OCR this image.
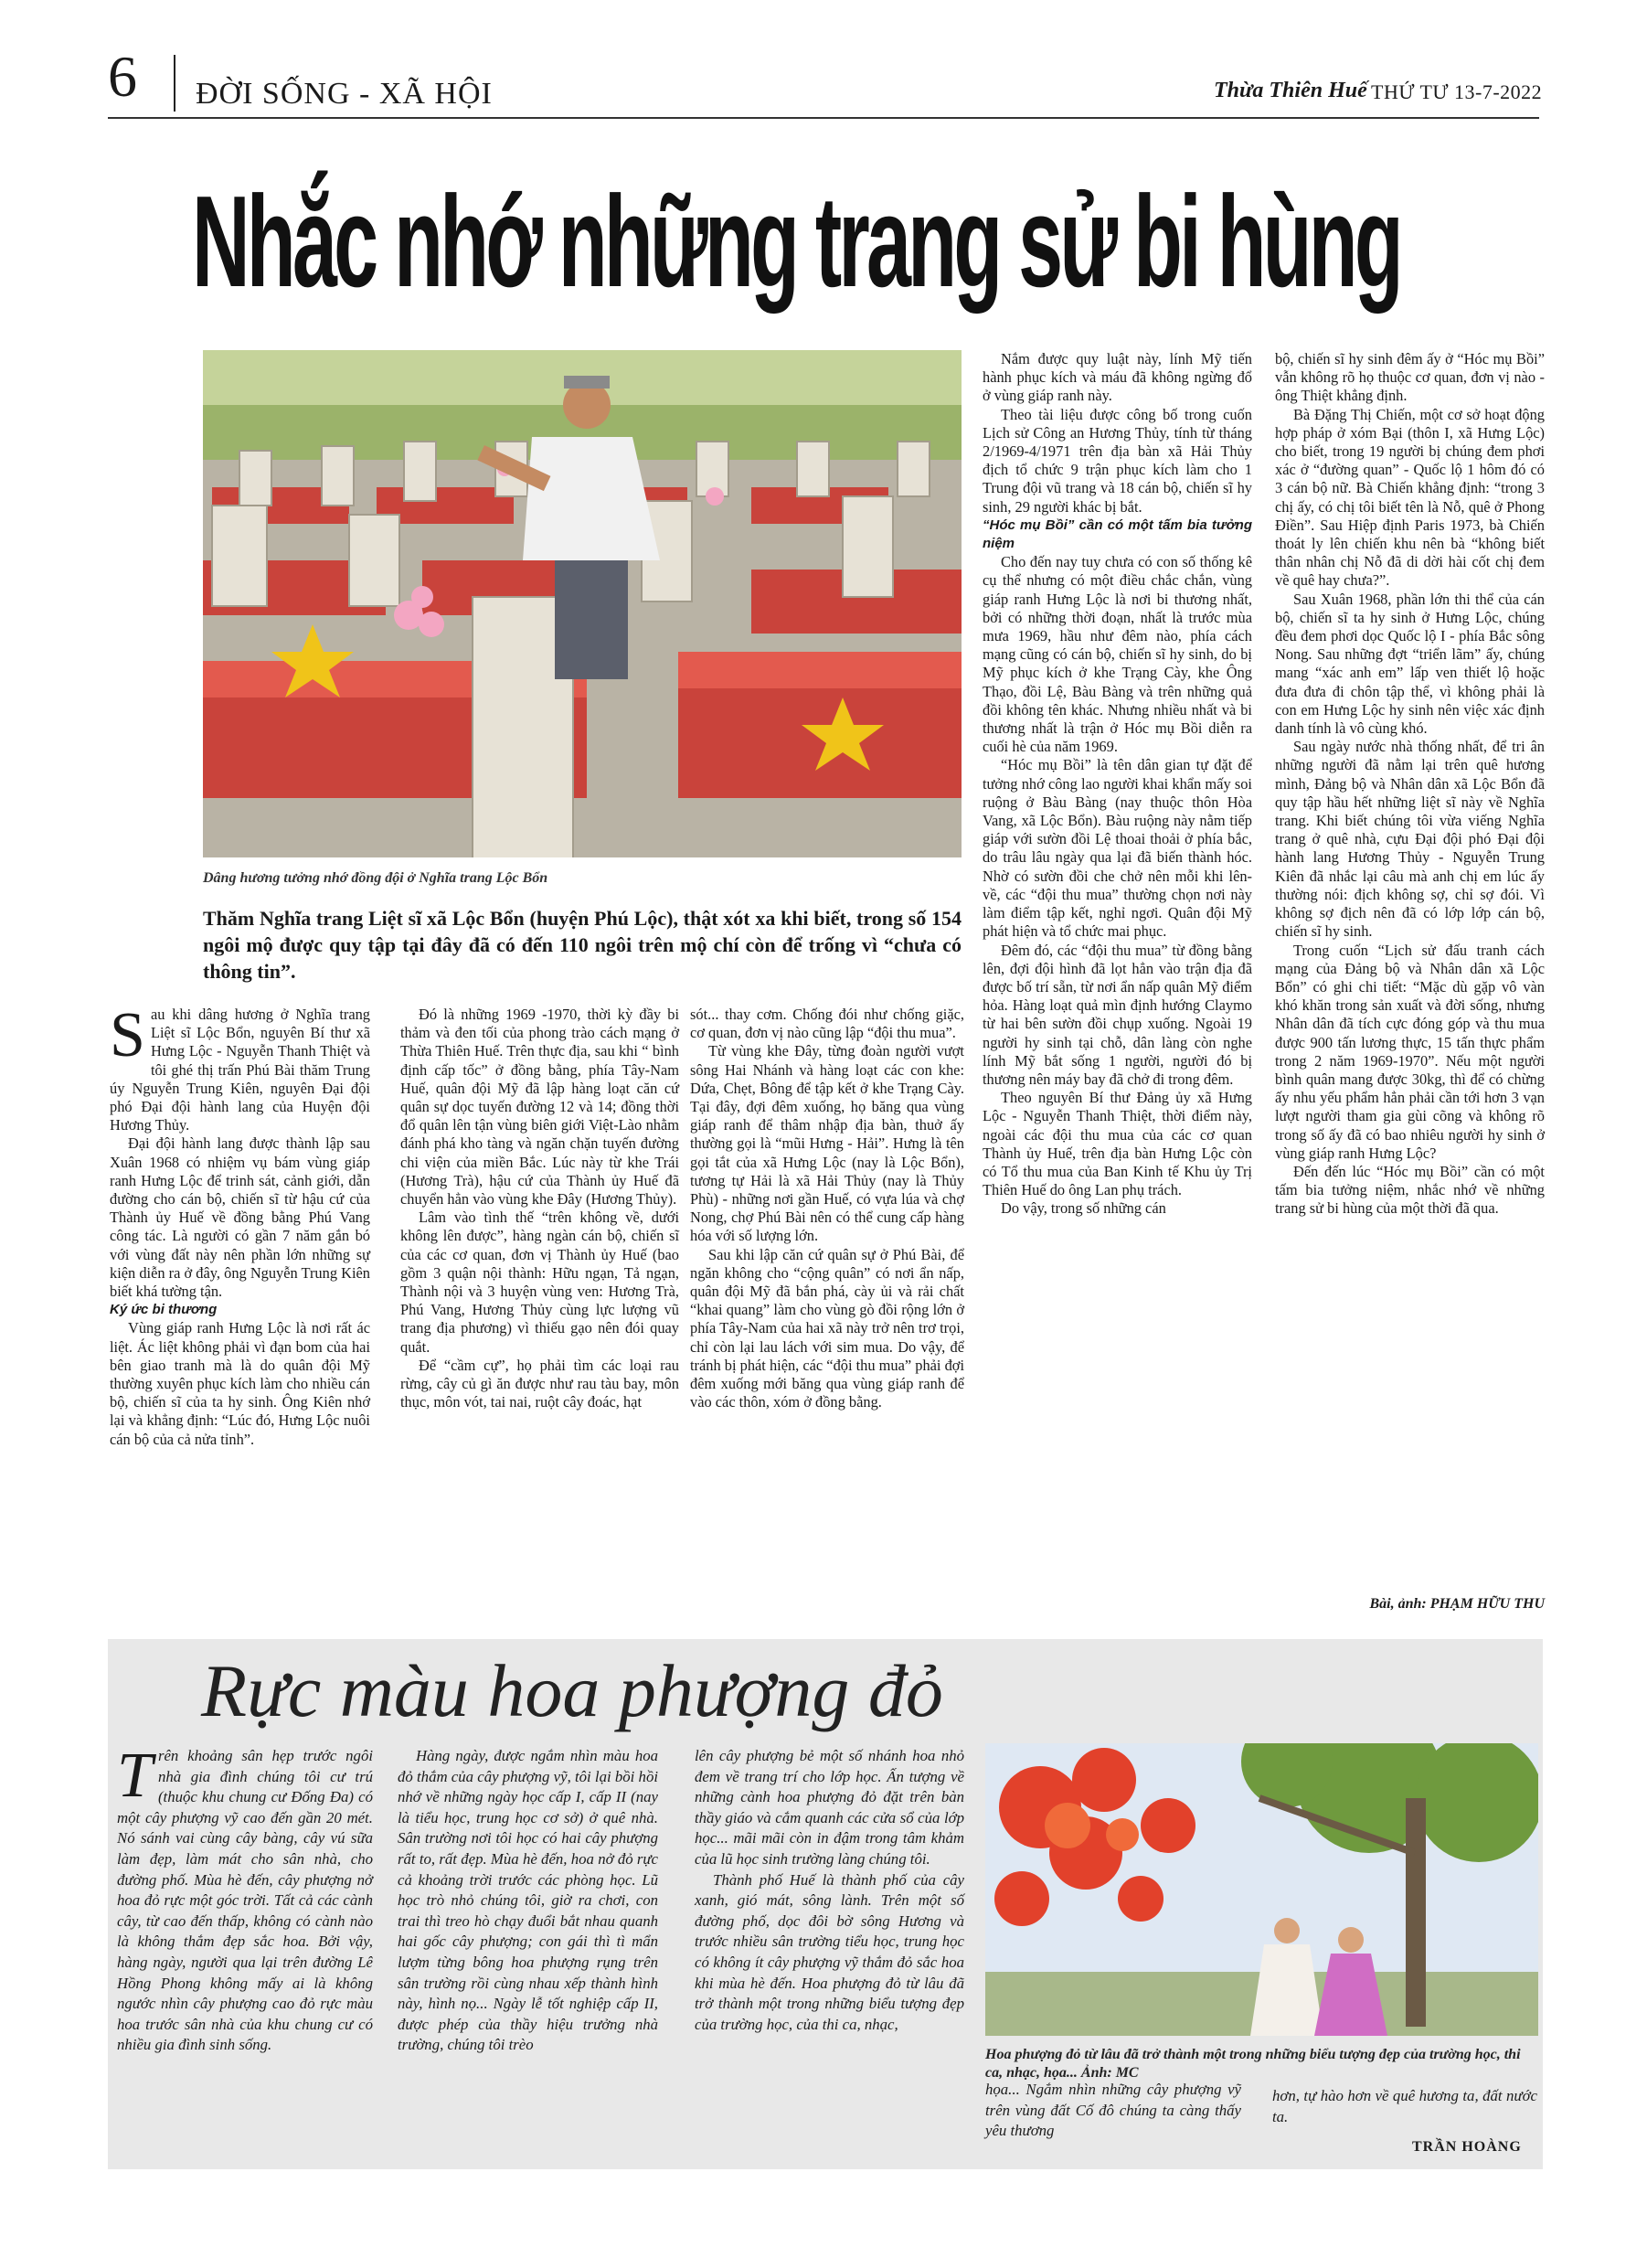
6 ĐỜI SỐNG - XÃ HỘI	Thừa Thiên Huế THỨ TƯ 13-7-2022
Nhắc nhớ những trang sử bi hùng
Dâng hương tưởng nhớ đồng đội ở Nghĩa trang Lộc Bổn
Thăm Nghĩa trang Liệt sĩ xã Lộc Bổn (huyện Phú Lộc), thật xót xa khi biết, trong số 154 ngôi mộ được quy tập tại đây đã có đến 110 ngôi trên mộ chí còn để trống vì “chưa có thông tin”.
S au khi dâng hương ở Nghĩa trang Liệt sĩ Lộc Bổn, nguyên Bí thư xã Hưng Lộc - Nguyễn Thanh Thiệt và tôi ghé thị trấn Phú Bài thăm Trung úy Nguyễn Trung Kiên, nguyên Đại đội phó Đại đội hành lang của Huyện đội Hương Thủy.

Đại đội hành lang được thành lập sau Xuân 1968 có nhiệm vụ bám vùng giáp ranh Hưng Lộc để trinh sát, cảnh giới, dẫn đường cho cán bộ, chiến sĩ từ hậu cứ của Thành ủy Huế về đồng bằng Phú Vang công tác. Là người có gần 7 năm gắn bó với vùng đất này nên phần lớn những sự kiện diễn ra ở đây, ông Nguyễn Trung Kiên biết khá tường tận.

Ký ức bi thương

Vùng giáp ranh Hưng Lộc là nơi rất ác liệt. Ác liệt không phải vì đạn bom của hai bên giao tranh mà là do quân đội Mỹ thường xuyên phục kích làm cho nhiều cán bộ, chiến sĩ của ta hy sinh. Ông Kiên nhớ lại và khẳng định: “Lúc đó, Hưng Lộc nuôi cán bộ của cả nửa tỉnh”.

Đó là những 1969 -1970, thời kỳ đầy bi thảm và đen tối của phong trào cách mạng ở Thừa Thiên Huế. Trên thực địa, sau khi “ bình định cấp tốc” ở đồng bằng, phía Tây-Nam Huế, quân đội Mỹ đã lập hàng loạt căn cứ quân sự dọc tuyến đường 12 và 14; đồng thời đổ quân lên tận vùng biên giới Việt-Lào nhằm đánh phá kho tàng và ngăn chặn tuyến đường chi viện của miền Bắc. Lúc này từ khe Trái (Hương Trà), hậu cứ của Thành ủy Huế đã chuyển hẳn vào vùng khe Đây (Hương Thủy).

Lâm vào tình thế “trên không về, dưới không lên được”, hàng ngàn cán bộ, chiến sĩ của các cơ quan, đơn vị Thành ủy Huế (bao gồm 3 quận nội thành: Hữu ngạn, Tả ngạn, Thành nội và 3 huyện vùng ven: Hương Trà, Phú Vang, Hương Thủy cùng lực lượng vũ trang địa phương) vì thiếu gạo nên đói quay quắt.

Để “cầm cự”, họ phải tìm các loại rau rừng, cây củ gì ăn được như rau tàu bay, môn thục, môn vót, tai nai, ruột cây đoác, hạt

sót... thay cơm. Chống đói như chống giặc, cơ quan, đơn vị nào cũng lập “đội thu mua”.

Từ vùng khe Đây, từng đoàn người vượt sông Hai Nhánh và hàng loạt các con khe: Dứa, Chẹt, Bông để tập kết ở khe Trạng Cày. Tại đây, đợi đêm xuống, họ băng qua vùng giáp ranh để thâm nhập địa bàn, thuở ấy thường gọi là “mũi Hưng - Hải”. Hưng là tên gọi tắt của xã Hưng Lộc (nay là Lộc Bổn), tương tự Hải là xã Hải Thủy (nay là Thủy Phù) - những nơi gần Huế, có vựa lúa và chợ Nong, chợ Phú Bài nên có thể cung cấp hàng hóa với số lượng lớn.

Sau khi lập căn cứ quân sự ở Phú Bài, để ngăn không cho “cộng quân” có nơi ẩn nấp, quân đội Mỹ đã bắn phá, cày ủi và rải chất “khai quang” làm cho vùng gò đồi rộng lớn ở phía Tây-Nam của hai xã này trở nên trơ trọi, chỉ còn lại lau lách với sim mua. Do vậy, để tránh bị phát hiện, các “đội thu mua” phải đợi đêm xuống mới băng qua vùng giáp ranh để vào các thôn, xóm ở đồng bằng.

Nắm được quy luật này, lính Mỹ tiến hành phục kích và máu đã không ngừng đổ ở vùng giáp ranh này.

Theo tài liệu được công bố trong cuốn Lịch sử Công an Hương Thủy, tính từ tháng 2/1969-4/1971 trên địa bàn xã Hải Thủy địch tổ chức 9 trận phục kích làm cho 1 Trung đội vũ trang và 18 cán bộ, chiến sĩ hy sinh, 29 người khác bị bắt.

“Hóc mụ Bồi” cần có một tấm bia tưởng niệm

Cho đến nay tuy chưa có con số thống kê cụ thể nhưng có một điều chắc chắn, vùng giáp ranh Hưng Lộc là nơi bi thương nhất, bởi có những thời đoạn, nhất là trước mùa mưa 1969, hầu như đêm nào, phía cách mạng cũng có cán bộ, chiến sĩ hy sinh, do bị Mỹ phục kích ở khe Trạng Cày, khe Ông Thạo, đồi Lệ, Bàu Bàng và trên những quả đồi không tên khác. Nhưng nhiều nhất và bi thương nhất là trận ở Hóc mụ Bồi diễn ra cuối hè của năm 1969.

“Hóc mụ Bồi” là tên dân gian tự đặt để tưởng nhớ công lao người khai khẩn mấy soi ruộng ở Bàu Bàng (nay thuộc thôn Hòa Vang, xã Lộc Bổn). Bàu ruộng này nằm tiếp giáp với sườn đồi Lệ thoai thoải ở phía bắc, do trâu lâu ngày qua lại đã biến thành hóc. Nhờ có sườn đồi che chở nên mỗi khi lên-về, các “đội thu mua” thường chọn nơi này làm điểm tập kết, nghỉ ngơi. Quân đội Mỹ phát hiện và tổ chức mai phục.

Đêm đó, các “đội thu mua” từ đồng bằng lên, đợi đội hình đã lọt hẳn vào trận địa đã được bố trí sẵn, từ nơi ẩn nấp quân Mỹ điểm hỏa. Hàng loạt quả mìn định hướng Claymo từ hai bên sườn đồi chụp xuống. Ngoài 19 người hy sinh tại chỗ, dân làng còn nghe lính Mỹ bắt sống 1 người, người đó bị thương nên máy bay đã chở đi trong đêm.

Theo nguyên Bí thư Đảng ủy xã Hưng Lộc - Nguyễn Thanh Thiệt, thời điểm này, ngoài các đội thu mua của các cơ quan Thành ủy Huế, trên địa bàn Hưng Lộc còn có Tổ thu mua của Ban Kinh tế Khu ủy Trị Thiên Huế do ông Lan phụ trách.

Do vậy, trong số những cán

bộ, chiến sĩ hy sinh đêm ấy ở “Hóc mụ Bồi” vẫn không rõ họ thuộc cơ quan, đơn vị nào - ông Thiệt khẳng định.

Bà Đặng Thị Chiến, một cơ sở hoạt động hợp pháp ở xóm Bại (thôn I, xã Hưng Lộc) cho biết, trong 19 người bị chúng đem phơi xác ở “đường quan” - Quốc lộ 1 hôm đó có 3 cán bộ nữ. Bà Chiến khẳng định: “trong 3 chị ấy, có chị tôi biết tên là Nỗ, quê ở Phong Điền”. Sau Hiệp định Paris 1973, bà Chiến thoát ly lên chiến khu nên bà “không biết thân nhân chị Nỗ đã di dời hài cốt chị đem về quê hay chưa?”.

Sau Xuân 1968, phần lớn thi thể của cán bộ, chiến sĩ ta hy sinh ở Hưng Lộc, chúng đều đem phơi dọc Quốc lộ I - phía Bắc sông Nong. Sau những đợt “triển lãm” ấy, chúng mang “xác anh em” lấp ven thiết lộ hoặc đưa đưa đi chôn tập thể, vì không phải là con em Hưng Lộc hy sinh nên việc xác định danh tính là vô cùng khó.

Sau ngày nước nhà thống nhất, để tri ân những người đã nằm lại trên quê hương mình, Đảng bộ và Nhân dân xã Lộc Bổn đã quy tập hầu hết những liệt sĩ này về Nghĩa trang. Khi biết chúng tôi vừa viếng Nghĩa trang ở quê nhà, cựu Đại đội phó Đại đội hành lang Hương Thủy - Nguyễn Trung Kiên đã nhắc lại câu mà anh chị em lúc ấy thường nói: địch không sợ, chỉ sợ đói. Vì không sợ địch nên đã có lớp lớp cán bộ, chiến sĩ hy sinh.

Trong cuốn “Lịch sử đấu tranh cách mạng của Đảng bộ và Nhân dân xã Lộc Bổn” có ghi chi tiết: “Mặc dù gặp vô vàn khó khăn trong sản xuất và đời sống, nhưng Nhân dân đã tích cực đóng góp và thu mua được 900 tấn lương thực, 15 tấn thực phẩm trong 2 năm 1969-1970”. Nếu một người bình quân mang được 30kg, thì để có chừng ấy nhu yếu phẩm hẳn phải cần tới hơn 3 vạn lượt người tham gia gùi cõng và không rõ trong số ấy đã có bao nhiêu người hy sinh ở vùng giáp ranh Hưng Lộc?

Đến đến lúc “Hóc mụ Bồi” cần có một tấm bia tưởng niệm, nhắc nhớ về những trang sử bi hùng của một thời đã qua.

Bài, ảnh: PHẠM HỮU THU
Rực màu hoa phượng đỏ
T rên khoảng sân hẹp trước ngôi nhà gia đình chúng tôi cư trú (thuộc khu chung cư Đống Đa) có một cây phượng vỹ cao đến gần 20 mét. Nó sánh vai cùng cây bàng, cây vú sữa làm đẹp, làm mát cho sân nhà, cho đường phố. Mùa hè đến, cây phượng nở hoa đỏ rực một góc trời. Tất cả các cành cây, từ cao đến thấp, không có cành nào là không thắm đẹp sắc hoa. Bởi vậy, hàng ngày, người qua lại trên đường Lê Hồng Phong không mấy ai là không ngước nhìn cây phượng cao đỏ rực màu hoa trước sân nhà của khu chung cư có nhiều gia đình sinh sống.

Hàng ngày, được ngắm nhìn màu hoa đỏ thắm của cây phượng vỹ, tôi lại bồi hồi nhớ về những ngày học cấp I, cấp II (nay là tiểu học, trung học cơ sở) ở quê nhà. Sân trường nơi tôi học có hai cây phượng rất to, rất đẹp. Mùa hè đến, hoa nở đỏ rực cả khoảng trời trước các phòng học. Lũ học trò nhỏ chúng tôi, giờ ra chơi, con trai thì treo hò chạy đuổi bắt nhau quanh hai gốc cây phượng; con gái thì tì mẩn lượm từng bông hoa phượng rụng trên sân trường rồi cùng nhau xếp thành hình này, hình nọ... Ngày lễ tốt nghiệp cấp II, được phép của thầy hiệu trưởng nhà trường, chúng tôi trèo

lên cây phượng bẻ một số nhánh hoa nhỏ đem về trang trí cho lớp học. Ấn tượng về những cành hoa phượng đỏ đặt trên bàn thầy giáo và cắm quanh các cửa sổ của lớp học... mãi mãi còn in đậm trong tâm khảm của lũ học sinh trường làng chúng tôi.

Thành phố Huế là thành phố của cây xanh, gió mát, sông lành. Trên một số đường phố, dọc đôi bờ sông Hương và trước nhiều sân trường tiểu học, trung học có không ít cây phượng vỹ thắm đỏ sắc hoa khi mùa hè đến. Hoa phượng đỏ từ lâu đã trở thành một trong những biểu tượng đẹp của trường học, của thi ca, nhạc,

Hoa phượng đỏ từ lâu đã trở thành một trong những biểu tượng đẹp của trường học, thi ca, nhạc, họa... Ảnh: MC

họa... Ngắm nhìn những cây phượng vỹ trên vùng đất Cố đô chúng ta càng thấy yêu thương

hơn, tự hào hơn về quê hương ta, đất nước ta.

TRẦN HOÀNG
